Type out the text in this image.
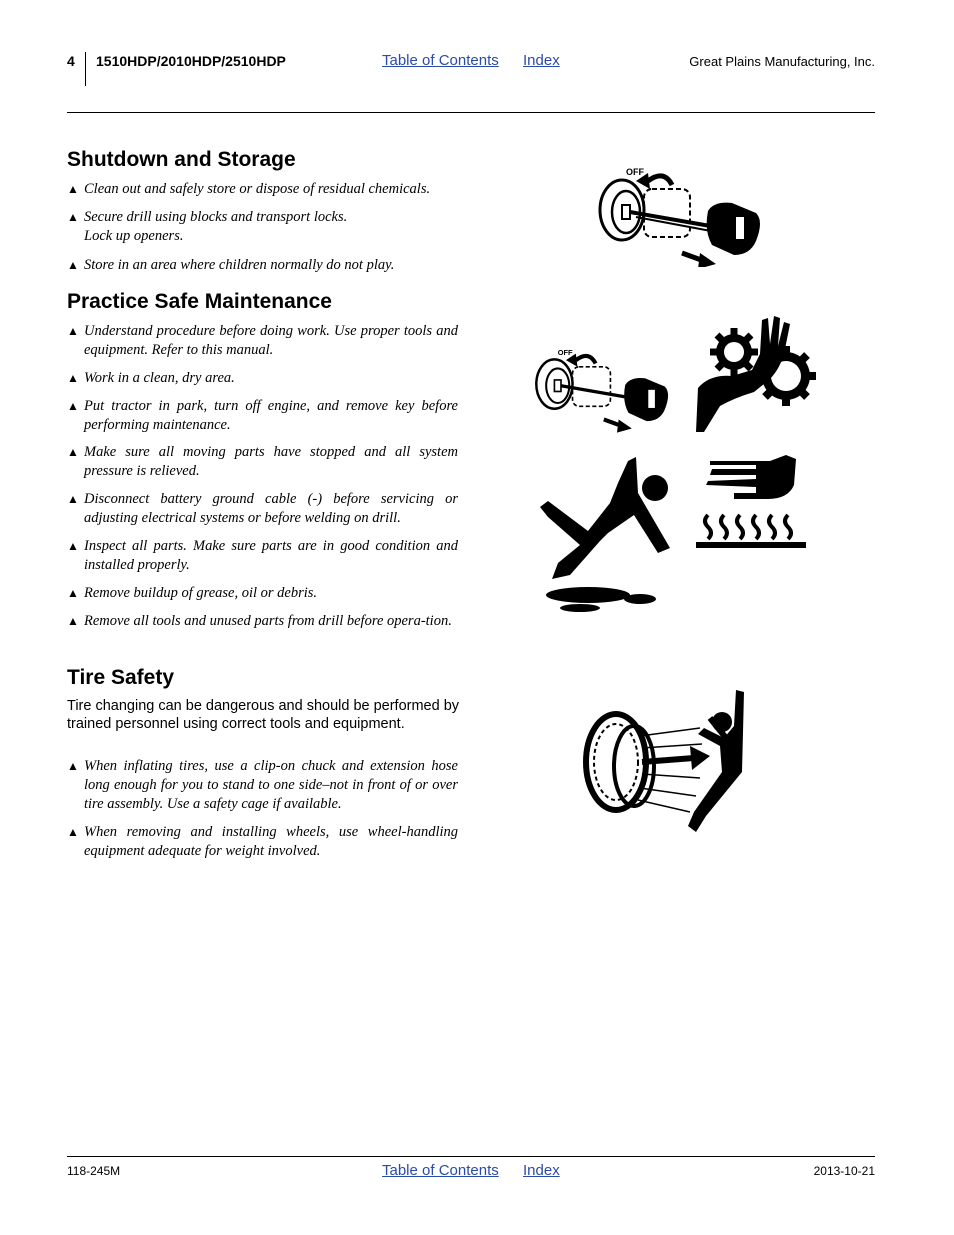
4 1510HDP/2010HDP/2510HDP	Table of Contents Index	Great Plains Manufacturing, Inc.
Shutdown and Storage
▲ Clean out and safely store or dispose of residual chemicals.
▲ Secure drill using blocks and transport locks.
Lock up openers.
▲ Store in an area where children normally do not play.
Practice Safe Maintenance
▲ Understand procedure before doing work. Use proper tools and equipment. Refer to this manual.
▲ Work in a clean, dry area.
▲ Put tractor in park, turn off engine, and remove key before performing maintenance.
▲ Make sure all moving parts have stopped and all system pressure is relieved.
▲ Disconnect battery ground cable (-) before servicing or adjusting electrical systems or before welding on drill.
▲ Inspect all parts. Make sure parts are in good condition and installed properly.
▲ Remove buildup of grease, oil or debris.
▲ Remove all tools and unused parts from drill before opera-tion.
Tire Safety
Tire changing can be dangerous and should be performed by trained personnel using correct tools and equipment.
▲ When inflating tires, use a clip-on chuck and extension hose long enough for you to stand to one side–not in front of or over tire assembly. Use a safety cage if available.
▲ When removing and installing wheels, use wheel-handling equipment adequate for weight involved.
OFF
OFF
118-245M	Table of Contents Index	2013-10-21
